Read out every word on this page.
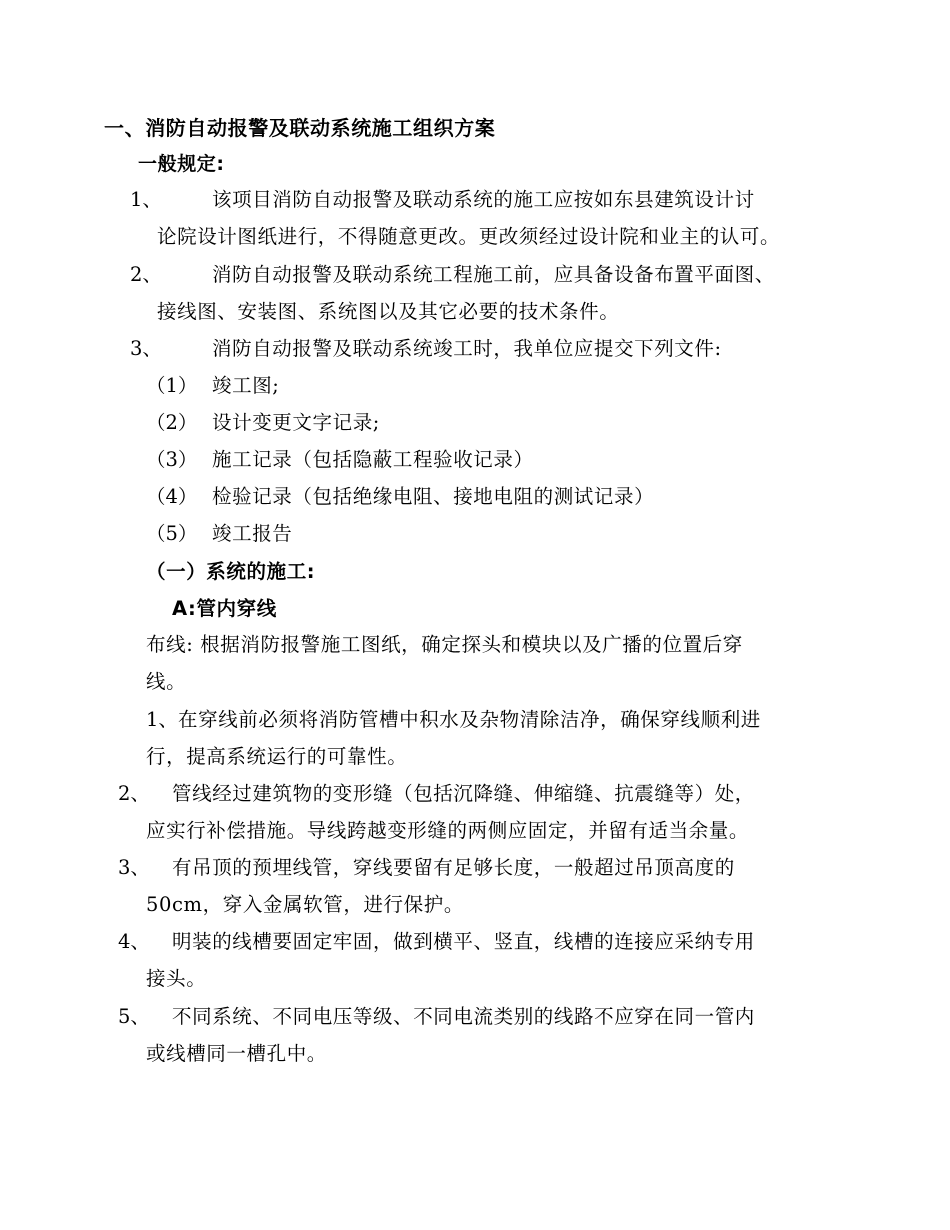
一、消防自动报警及联动系统施工组织方案
一般规定:
1、	该项目消防自动报警及联动系统的施工应按如东县建筑设计讨
论院设计图纸进行，不得随意更改。更改须经过设计院和业主的认可。
2、	消防自动报警及联动系统工程施工前，应具备设备布置平面图、
接线图、安装图、系统图以及其它必要的技术条件。
3、	消防自动报警及联动系统竣工时，我单位应提交下列文件:
（1） 竣工图;
（2） 设计变更文字记录;
（3） 施工记录（包括隐蔽工程验收记录）
（4） 检验记录（包括绝缘电阻、接地电阻的测试记录）
（5） 竣工报告
（一）系统的施工:
A:管内穿线
布线: 根据消防报警施工图纸，确定探头和模块以及广播的位置后穿
线。
1、 在穿线前必须将消防管槽中积水及杂物清除洁净，确保穿线顺利进
行，提高系统运行的可靠性。
2、 管线经过建筑物的变形缝（包括沉降缝、伸缩缝、抗震缝等）处，
应实行补偿措施。导线跨越变形缝的两侧应固定，并留有适当余量。
3、 有吊顶的预埋线管，穿线要留有足够长度，一般超过吊顶高度的
50cm，穿入金属软管，进行保护。
4、 明装的线槽要固定牢固，做到横平、竖直，线槽的连接应采纳专用
接头。
5、 不同系统、不同电压等级、不同电流类别的线路不应穿在同一管内
或线槽同一槽孔中。
